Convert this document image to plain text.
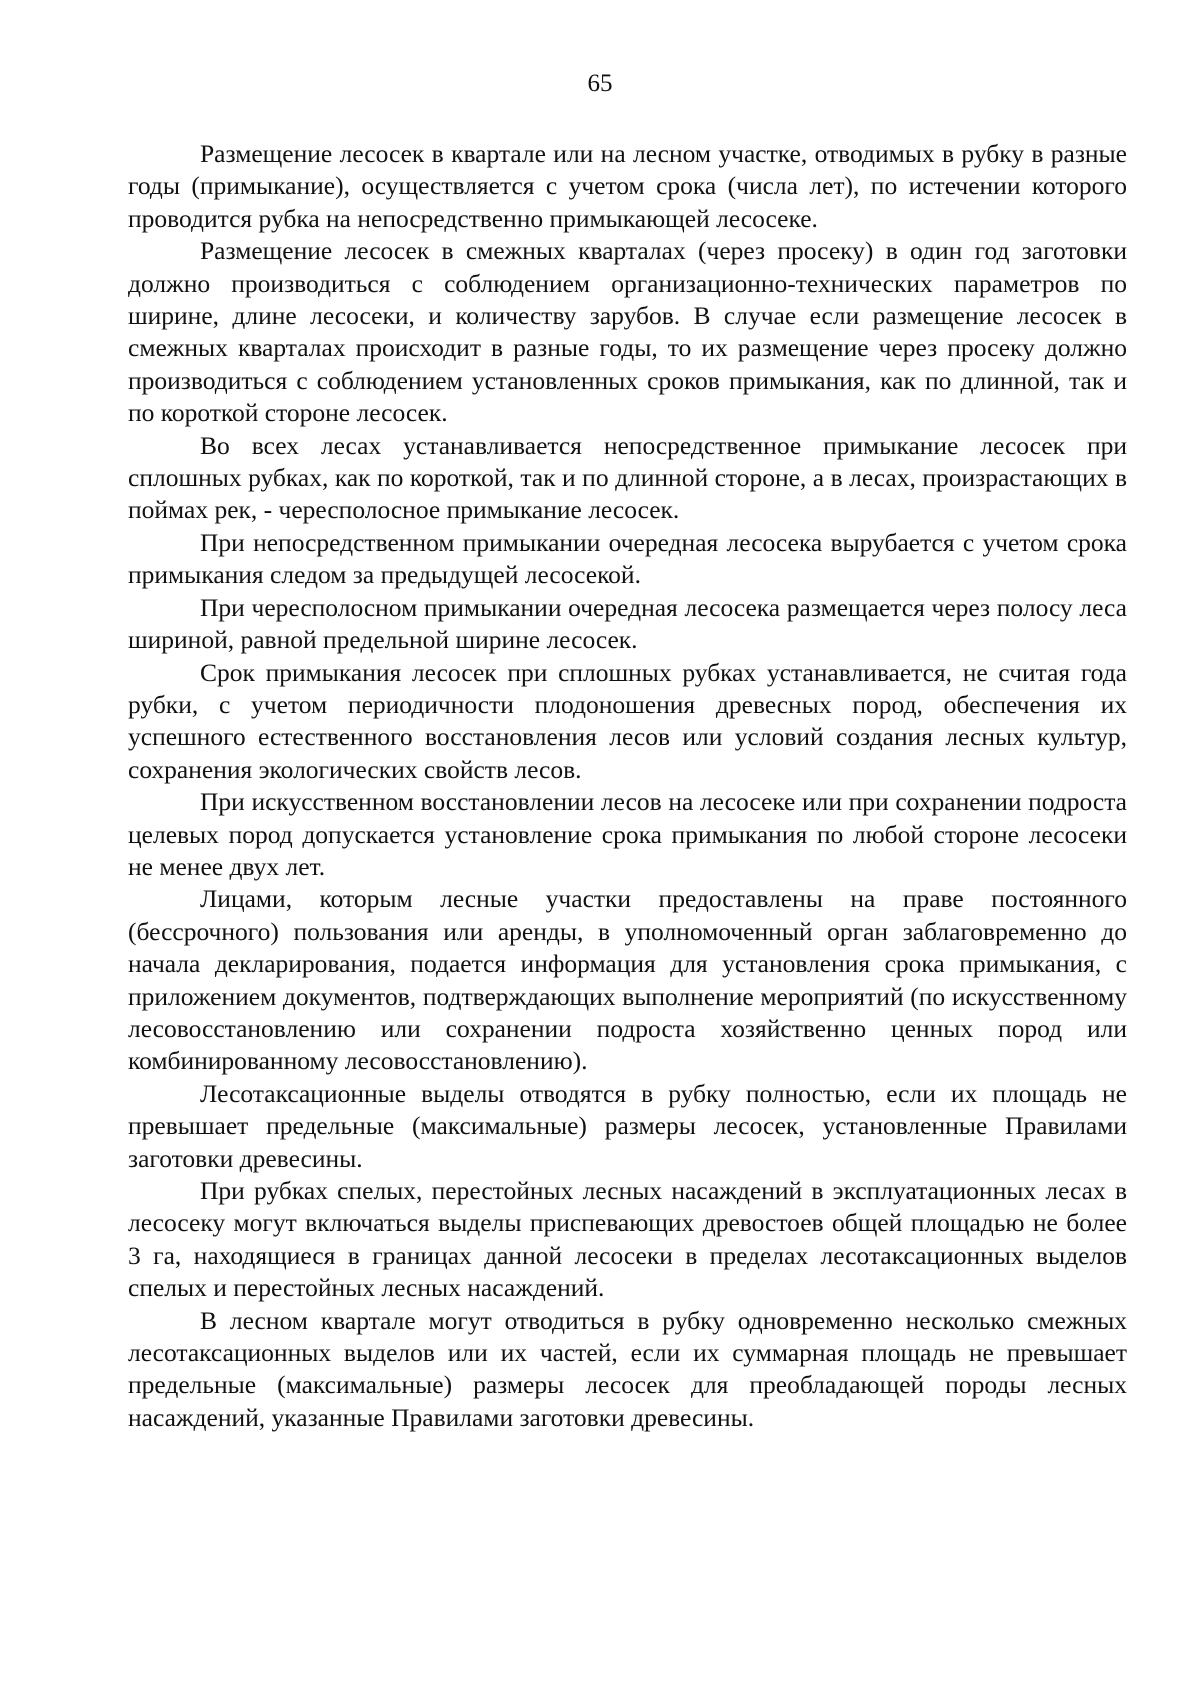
65

Размещение лесосек в квартале или на лесном участке, отводимых в рубку в разные годы (примыкание), осуществляется с учетом срока (числа лет), по истечении которого проводится рубка на непосредственно примыкающей лесосеке.

Размещение лесосек в смежных кварталах (через просеку) в один год заготовки должно производиться с соблюдением организационно-технических параметров по ширине, длине лесосеки, и количеству зарубов. В случае если размещение лесосек в смежных кварталах происходит в разные годы, то их размещение через просеку должно производиться с соблюдением установленных сроков примыкания, как по длинной, так и по короткой стороне лесосек.

Во всех лесах устанавливается непосредственное примыкание лесосек при сплошных рубках, как по короткой, так и по длинной стороне, а в лесах, произрастающих в поймах рек, - чересполосное примыкание лесосек.

При непосредственном примыкании очередная лесосека вырубается с учетом срока примыкания следом за предыдущей лесосекой.

При чересполосном примыкании очередная лесосека размещается через полосу леса шириной, равной предельной ширине лесосек.

Срок примыкания лесосек при сплошных рубках устанавливается, не считая года рубки, с учетом периодичности плодоношения древесных пород, обеспечения их успешного естественного восстановления лесов или условий создания лесных культур, сохранения экологических свойств лесов.

При искусственном восстановлении лесов на лесосеке или при сохранении подроста целевых пород допускается установление срока примыкания по любой стороне лесосеки не менее двух лет.

Лицами, которым лесные участки предоставлены на праве постоянного (бессрочного) пользования или аренды, в уполномоченный орган заблаговременно до начала декларирования, подается информация для установления срока примыкания, с приложением документов, подтверждающих выполнение мероприятий (по искусственному лесовосстановлению или сохранении подроста хозяйственно ценных пород или комбинированному лесовосстановлению).

Лесотаксационные выделы отводятся в рубку полностью, если их площадь не превышает предельные (максимальные) размеры лесосек, установленные Правилами заготовки древесины.

При рубках спелых, перестойных лесных насаждений в эксплуатационных лесах в лесосеку могут включаться выделы приспевающих древостоев общей площадью не более 3 га, находящиеся в границах данной лесосеки в пределах лесотаксационных выделов спелых и перестойных лесных насаждений.

В лесном квартале могут отводиться в рубку одновременно несколько смежных лесотаксационных выделов или их частей, если их суммарная площадь не превышает предельные (максимальные) размеры лесосек для преобладающей породы лесных насаждений, указанные Правилами заготовки древесины.
